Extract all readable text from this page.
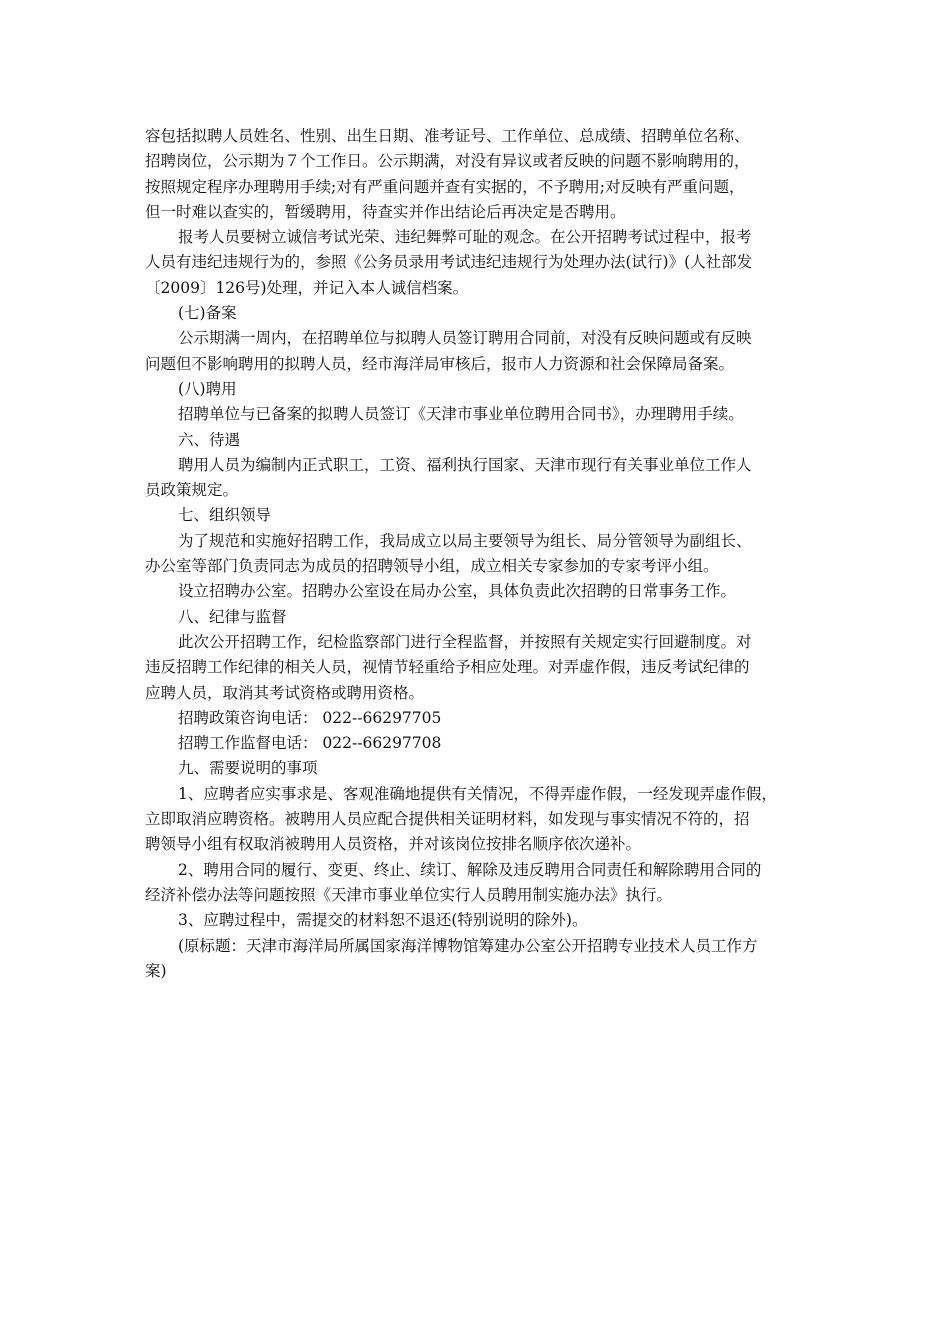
容包括拟聘人员姓名、性别、出生日期、准考证号、工作单位、总成绩、招聘单位名称、
招聘岗位，公示期为７个工作日。公示期满，对没有异议或者反映的问题不影响聘用的，
按照规定程序办理聘用手续;对有严重问题并查有实据的，不予聘用;对反映有严重问题，
但一时难以查实的，暂缓聘用，待查实并作出结论后再决定是否聘用。
报考人员要树立诚信考试光荣、违纪舞弊可耻的观念。在公开招聘考试过程中，报考
人员有违纪违规行为的，参照《公务员录用考试违纪违规行为处理办法(试行)》(人社部发
〔2009〕126号)处理，并记入本人诚信档案。
(七)备案
公示期满一周内，在招聘单位与拟聘人员签订聘用合同前，对没有反映问题或有反映
问题但不影响聘用的拟聘人员，经市海洋局审核后，报市人力资源和社会保障局备案。
(八)聘用
招聘单位与已备案的拟聘人员签订《天津市事业单位聘用合同书》，办理聘用手续。
六、待遇
聘用人员为编制内正式职工，工资、福利执行国家、天津市现行有关事业单位工作人
员政策规定。
七、组织领导
为了规范和实施好招聘工作，我局成立以局主要领导为组长、局分管领导为副组长、
办公室等部门负责同志为成员的招聘领导小组，成立相关专家参加的专家考评小组。
设立招聘办公室。招聘办公室设在局办公室，具体负责此次招聘的日常事务工作。
八、纪律与监督
此次公开招聘工作，纪检监察部门进行全程监督，并按照有关规定实行回避制度。对
违反招聘工作纪律的相关人员，视情节轻重给予相应处理。对弄虚作假，违反考试纪律的
应聘人员，取消其考试资格或聘用资格。
招聘政策咨询电话： 022--66297705
招聘工作监督电话： 022--66297708
九、需要说明的事项
1、应聘者应实事求是、客观准确地提供有关情况，不得弄虚作假，一经发现弄虚作假，
立即取消应聘资格。被聘用人员应配合提供相关证明材料，如发现与事实情况不符的，招
聘领导小组有权取消被聘用人员资格，并对该岗位按排名顺序依次递补。
2、聘用合同的履行、变更、终止、续订、解除及违反聘用合同责任和解除聘用合同的
经济补偿办法等问题按照《天津市事业单位实行人员聘用制实施办法》执行。
3、应聘过程中，需提交的材料恕不退还(特别说明的除外)。
(原标题：天津市海洋局所属国家海洋博物馆筹建办公室公开招聘专业技术人员工作方
案)
